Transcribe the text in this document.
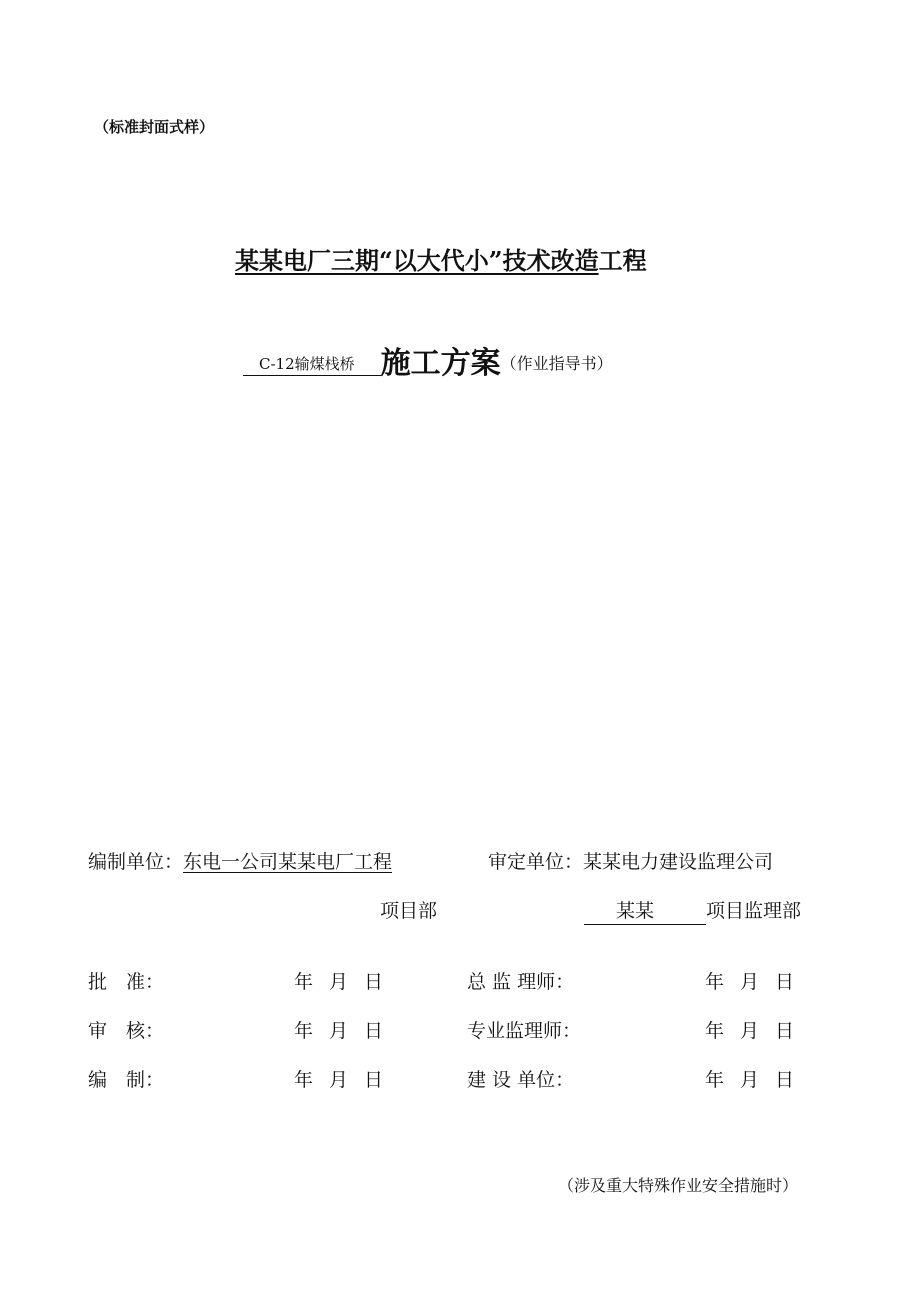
（标准封面式样）
某某电厂三期“以大代小”技术改造工程
C-12输煤栈桥 施工方案（作业指导书）
编制单位：东电一公司某某电厂工程	审定单位：某某电力建设监理公司
项目部	某某	项目监理部
批　准：	年月日	总 监 理师：	年月日
审　核：	年月日	专业监理师：	年月日
编　制：	年月日	建 设 单位：	年月日
（涉及重大特殊作业安全措施时）
